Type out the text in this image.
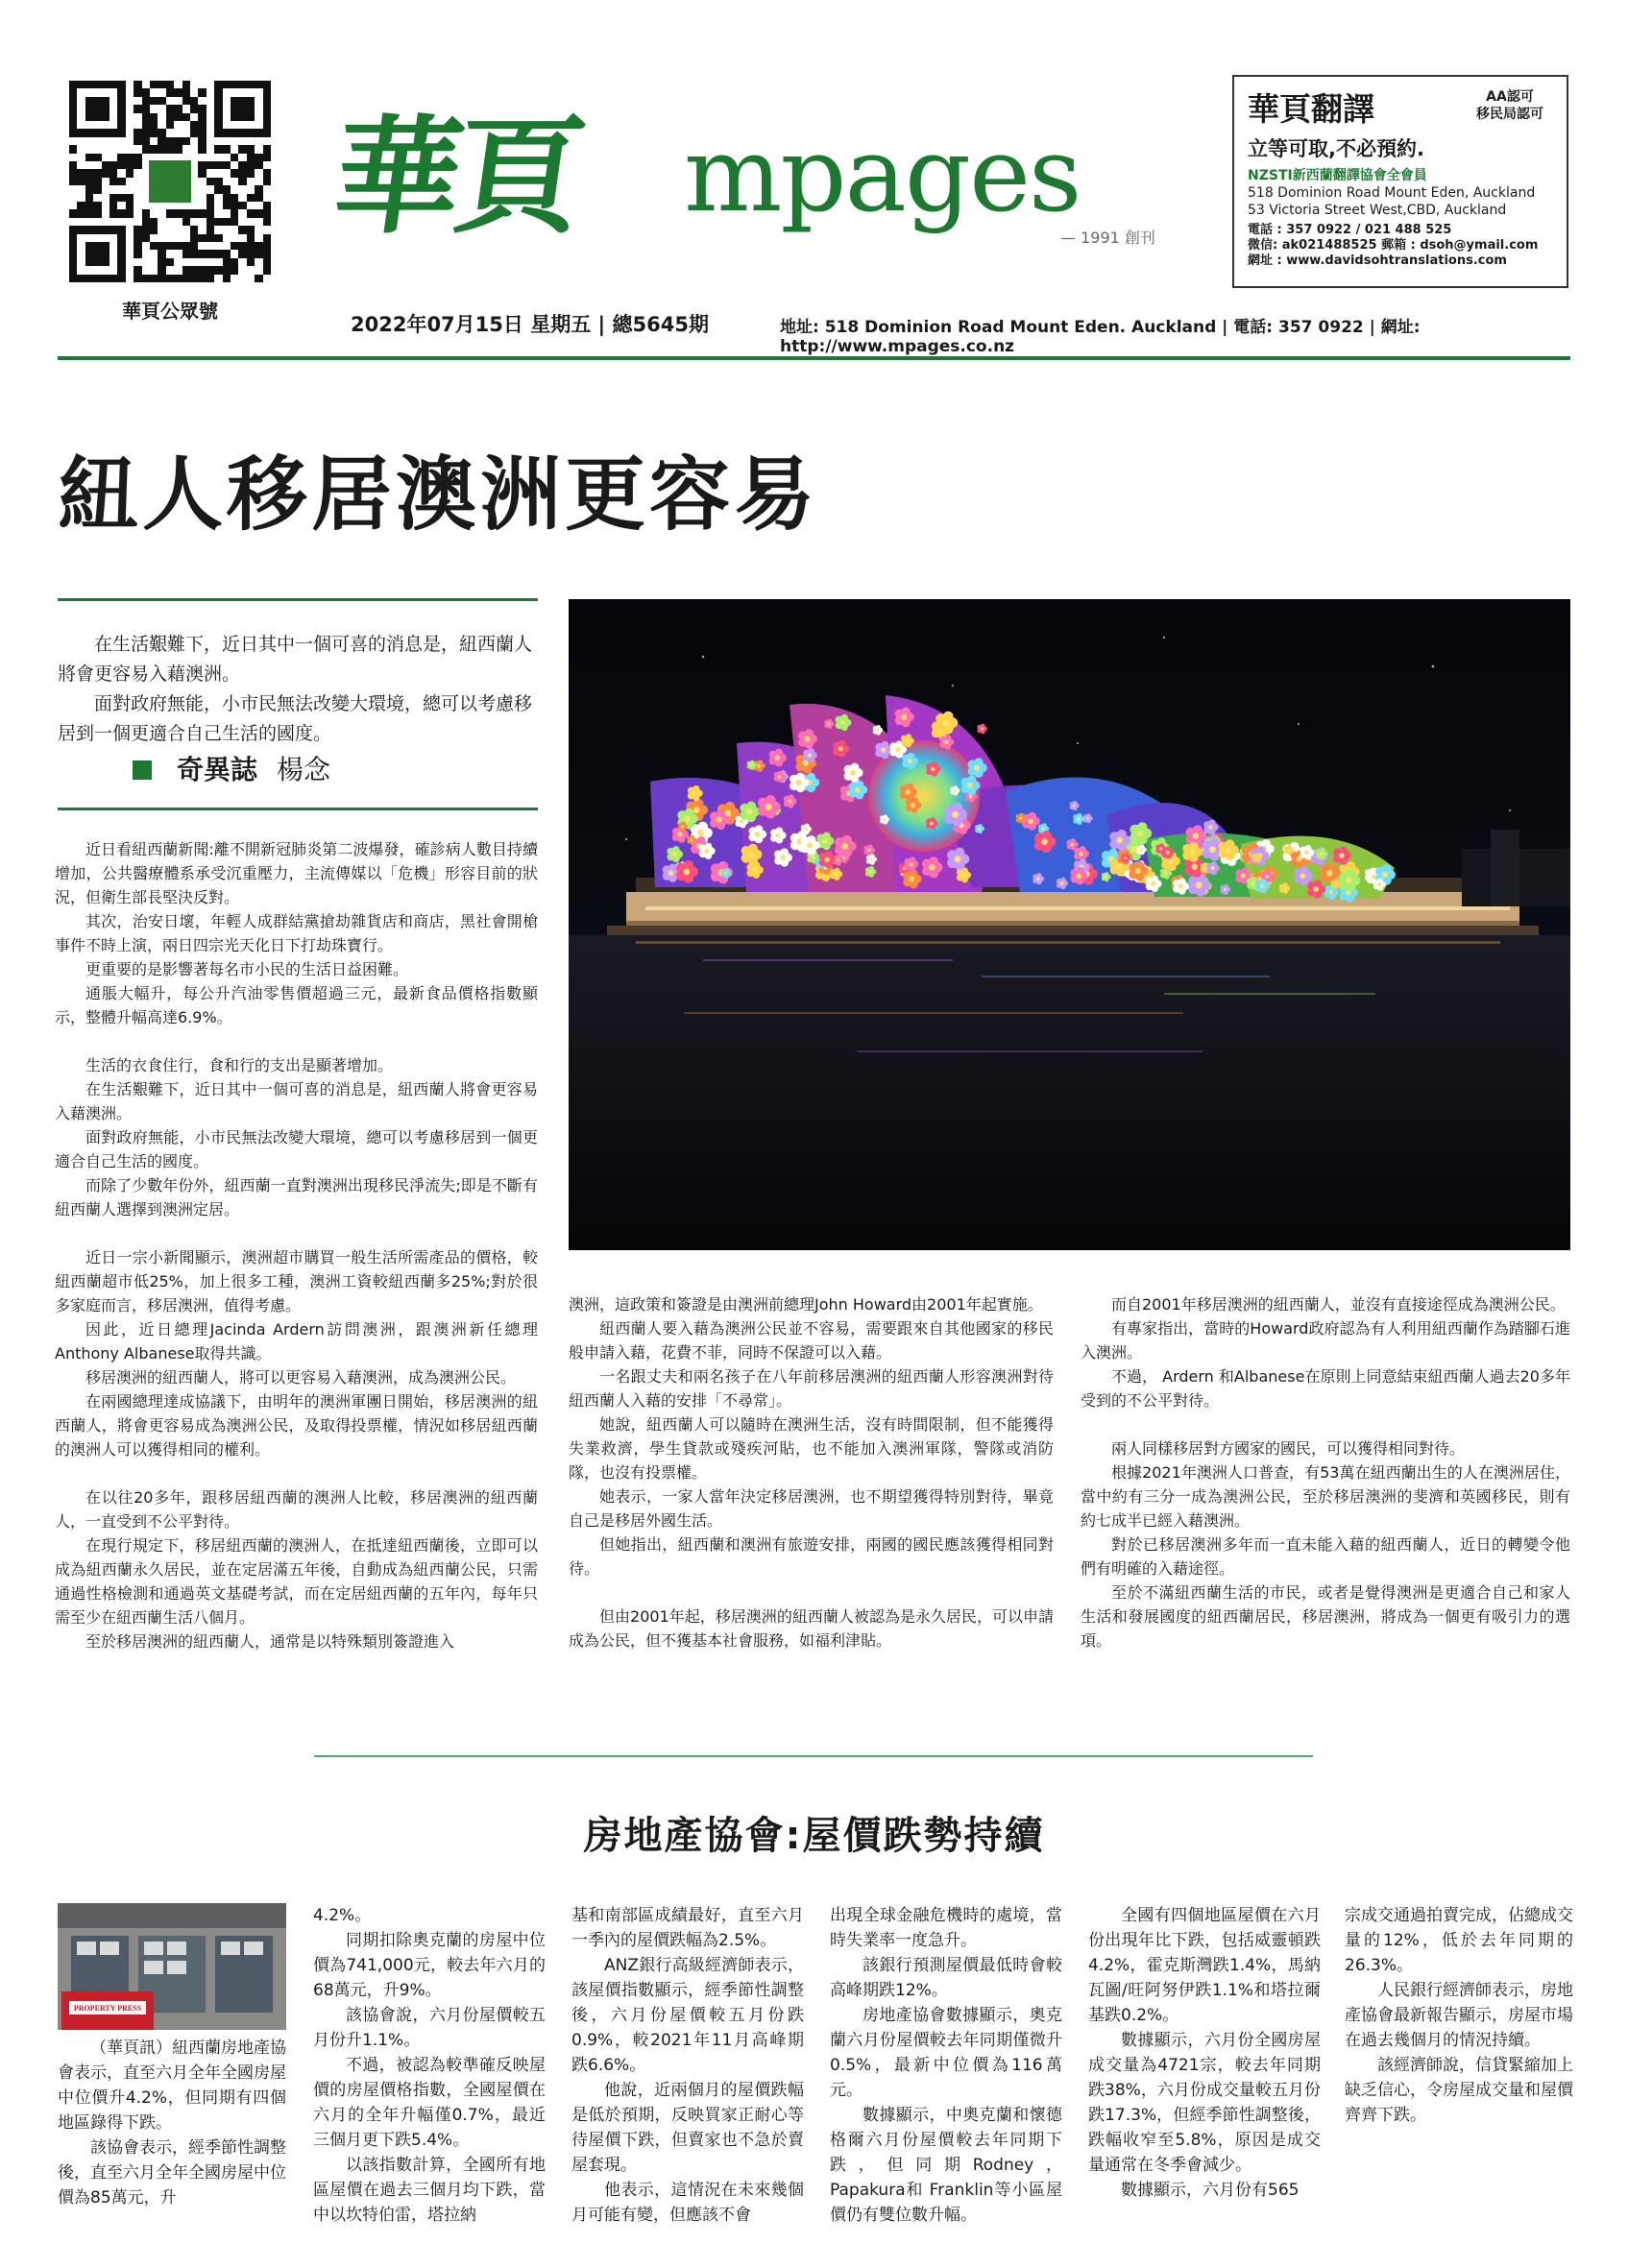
華頁公眾號
華頁 mpages
— 1991 創刊
華頁翻譯	AA認可
移民局認可
立等可取,不必預約.
NZSTI新西蘭翻譯協會全會員
518 Dominion Road Mount Eden, Auckland
53 Victoria Street West,CBD, Auckland
電話 : 357 0922 / 021 488 525
微信: ak021488525 郵箱 : dsoh@ymail.com
網址 : www.davidsohtranslations.com
2022年07月15日 星期五 | 總5645期	地址: 518 Dominion Road Mount Eden. Auckland | 電話: 357 0922 | 網址: http://www.mpages.co.nz
紐人移居澳洲更容易

在生活艱難下，近日其中一個可喜的消息是，紐西蘭人將會更容易入藉澳洲。

面對政府無能，小市民無法改變大環境，總可以考慮移居到一個更適合自己生活的國度。

奇異誌 楊念

近日看紐西蘭新聞:離不開新冠肺炎第二波爆發，確診病人數目持續增加，公共醫療體系承受沉重壓力，主流傳媒以「危機」形容目前的狀況，但衛生部長堅決反對。

其次，治安日壞，年輕人成群結黨搶劫雜貨店和商店，黑社會開槍事件不時上演，兩日四宗光天化日下打劫珠寶行。

更重要的是影響著每名市小民的生活日益困難。

通脹大幅升，每公升汽油零售價超過三元，最新食品價格指數顯示，整體升幅高達6.9%。

生活的衣食住行，食和行的支出是顯著增加。

在生活艱難下，近日其中一個可喜的消息是，紐西蘭人將會更容易入藉澳洲。

面對政府無能，小市民無法改變大環境，總可以考慮移居到一個更適合自己生活的國度。

而除了少數年份外，紐西蘭一直對澳洲出現移民淨流失;即是不斷有紐西蘭人選擇到澳洲定居。

近日一宗小新聞顯示，澳洲超市購買一般生活所需產品的價格，較紐西蘭超市低25%，加上很多工種，澳洲工資較紐西蘭多25%;對於很多家庭而言，移居澳洲，值得考慮。

因此，近日總理Jacinda Ardern訪問澳洲，跟澳洲新任總理Anthony Albanese取得共識。

移居澳洲的紐西蘭人，將可以更容易入藉澳洲，成為澳洲公民。

在兩國總理達成協議下，由明年的澳洲軍團日開始，移居澳洲的紐西蘭人，將會更容易成為澳洲公民，及取得投票權，情況如移居紐西蘭的澳洲人可以獲得相同的權利。

在以往20多年，跟移居紐西蘭的澳洲人比較，移居澳洲的紐西蘭人，一直受到不公平對待。

在現行規定下，移居紐西蘭的澳洲人，在抵達紐西蘭後，立即可以成為紐西蘭永久居民，並在定居滿五年後，自動成為紐西蘭公民，只需通過性格檢測和通過英文基礎考試，而在定居紐西蘭的五年內，每年只需至少在紐西蘭生活八個月。

至於移居澳洲的紐西蘭人，通常是以特殊類別簽證進入

澳洲，這政策和簽證是由澳洲前總理John Howard由2001年起實施。

紐西蘭人要入藉為澳洲公民並不容易，需要跟來自其他國家的移民般申請入藉，花費不菲，同時不保證可以入藉。

一名跟丈夫和兩名孩子在八年前移居澳洲的紐西蘭人形容澳洲對待紐西蘭人入藉的安排「不尋常」。

她說，紐西蘭人可以隨時在澳洲生活，沒有時間限制，但不能獲得失業救濟，學生貸款或殘疾河貼，也不能加入澳洲軍隊，警隊或消防隊，也沒有投票權。

她表示，一家人當年決定移居澳洲，也不期望獲得特別對待，畢竟自己是移居外國生活。

但她指出，紐西蘭和澳洲有旅遊安排，兩國的國民應該獲得相同對待。

但由2001年起，移居澳洲的紐西蘭人被認為是永久居民，可以申請成為公民，但不獲基本社會服務，如福利津貼。

而自2001年移居澳洲的紐西蘭人，並沒有直接途徑成為澳洲公民。

有專家指出，當時的Howard政府認為有人利用紐西蘭作為踏腳石進入澳洲。

不過， Ardern 和Albanese在原則上同意結束紐西蘭人過去20多年受到的不公平對待。

兩人同樣移居對方國家的國民，可以獲得相同對待。

根據2021年澳洲人口普查，有53萬在紐西蘭出生的人在澳洲居住，當中約有三分一成為澳洲公民，至於移居澳洲的斐濟和英國移民，則有約七成半已經入藉澳洲。

對於已移居澳洲多年而一直未能入藉的紐西蘭人，近日的轉變令他們有明確的入藉途徑。

至於不滿紐西蘭生活的市民，或者是覺得澳洲是更適合自己和家人生活和發展國度的紐西蘭居民，移居澳洲，將成為一個更有吸引力的選項。

房地產協會:屋價跌勢持續
PROPERTY PRESS

（華頁訊）紐西蘭房地產協會表示，直至六月全年全國房屋中位價升4.2%，但同期有四個地區錄得下跌。

該協會表示，經季節性調整後，直至六月全年全國房屋中位價為85萬元，升

4.2%。

同期扣除奧克蘭的房屋中位價為741,000元，較去年六月的68萬元，升9%。

該協會說，六月份屋價較五月份升1.1%。

不過，被認為較準確反映屋價的房屋價格指數，全國屋價在六月的全年升幅僅0.7%，最近三個月更下跌5.4%。

以該指數計算，全國所有地區屋價在過去三個月均下跌，當中以坎特伯雷，塔拉納

基和南部區成績最好，直至六月一季內的屋價跌幅為2.5%。

ANZ銀行高級經濟師表示，該屋價指數顯示，經季節性調整後，六月份屋價較五月份跌0.9%，較2021年11月高峰期跌6.6%。

他說，近兩個月的屋價跌幅是低於預期，反映買家正耐心等待屋價下跌，但賣家也不急於賣屋套現。

他表示，這情況在未來幾個月可能有變，但應該不會

出現全球金融危機時的處境，當時失業率一度急升。

該銀行預測屋價最低時會較高峰期跌12%。

房地產協會數據顯示，奧克蘭六月份屋價較去年同期僅微升0.5%，最新中位價為116萬元。

數據顯示，中奧克蘭和懷德格爾六月份屋價較去年同期下跌，但同期Rodney，Papakura和 Franklin等小區屋價仍有雙位數升幅。

全國有四個地區屋價在六月份出現年比下跌，包括威靈頓跌4.2%，霍克斯灣跌1.4%，馬納瓦圖/旺阿努伊跌1.1%和塔拉爾基跌0.2%。

數據顯示，六月份全國房屋成交量為4721宗，較去年同期跌38%，六月份成交量較五月份跌17.3%，但經季節性調整後，跌幅收窄至5.8%，原因是成交量通常在冬季會減少。

數據顯示，六月份有565

宗成交通過拍賣完成，佔總成交量的12%，低於去年同期的26.3%。

人民銀行經濟師表示，房地產協會最新報告顯示，房屋市場在過去幾個月的情況持續。

該經濟師說，信貸緊縮加上缺乏信心，令房屋成交量和屋價齊齊下跌。
